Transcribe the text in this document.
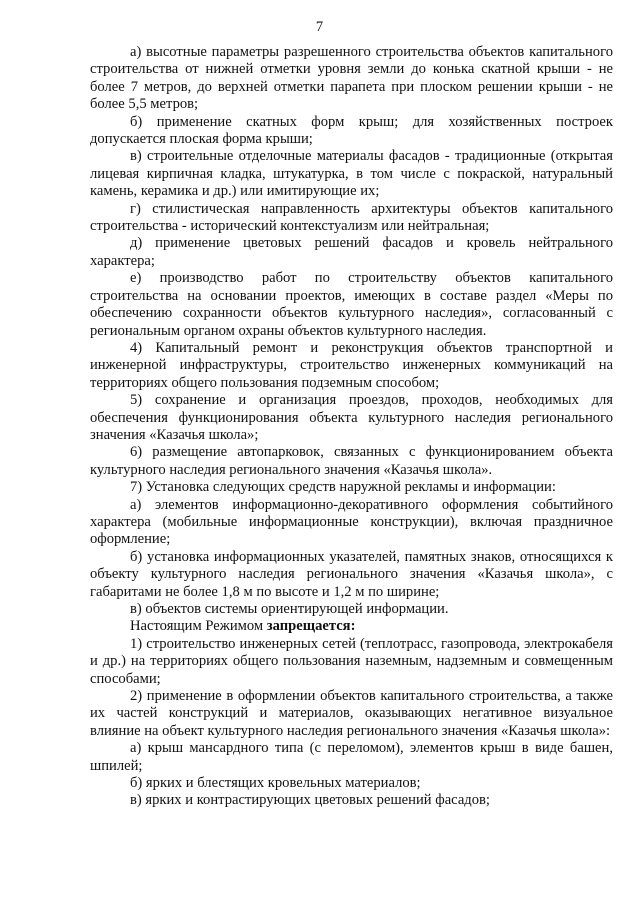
7

а) высотные параметры разрешенного строительства объектов капитального строительства от нижней отметки уровня земли до конька скатной крыши - не более 7 метров, до верхней отметки парапета при плоском решении крыши - не более 5,5 метров;

б) применение скатных форм крыш; для хозяйственных построек допускается плоская форма крыши;

в) строительные отделочные материалы фасадов - традиционные (открытая лицевая кирпичная кладка, штукатурка, в том числе с покраской, натуральный камень, керамика и др.) или имитирующие их;

г) стилистическая направленность архитектуры объектов капитального строительства - исторический контекстуализм или нейтральная;

д) применение цветовых решений фасадов и кровель нейтрального характера;

е) производство работ по строительству объектов капитального строительства на основании проектов, имеющих в составе раздел «Меры по обеспечению сохранности объектов культурного наследия», согласованный с региональным органом охраны объектов культурного наследия.

4) Капитальный ремонт и реконструкция объектов транспортной и инженерной инфраструктуры, строительство инженерных коммуникаций на территориях общего пользования подземным способом;

5) сохранение и организация проездов, проходов, необходимых для обеспечения функционирования объекта культурного наследия регионального значения «Казачья школа»;

6) размещение автопарковок, связанных с функционированием объекта культурного наследия регионального значения «Казачья школа».

7) Установка следующих средств наружной рекламы и информации:

а) элементов информационно-декоративного оформления событийного характера (мобильные информационные конструкции), включая праздничное оформление;

б) установка информационных указателей, памятных знаков, относящихся к объекту культурного наследия регионального значения «Казачья школа», с габаритами не более 1,8 м по высоте и 1,2 м по ширине;

в) объектов системы ориентирующей информации.

Настоящим Режимом запрещается:

1) строительство инженерных сетей (теплотрасс, газопровода, электрокабеля и др.) на территориях общего пользования наземным, надземным и совмещенным способами;

2) применение в оформлении объектов капитального строительства, а также их частей конструкций и материалов, оказывающих негативное визуальное влияние на объект культурного наследия регионального значения «Казачья школа»:

а) крыш мансардного типа (с переломом), элементов крыш в виде башен, шпилей;

б) ярких и блестящих кровельных материалов;

в) ярких и контрастирующих цветовых решений фасадов;
